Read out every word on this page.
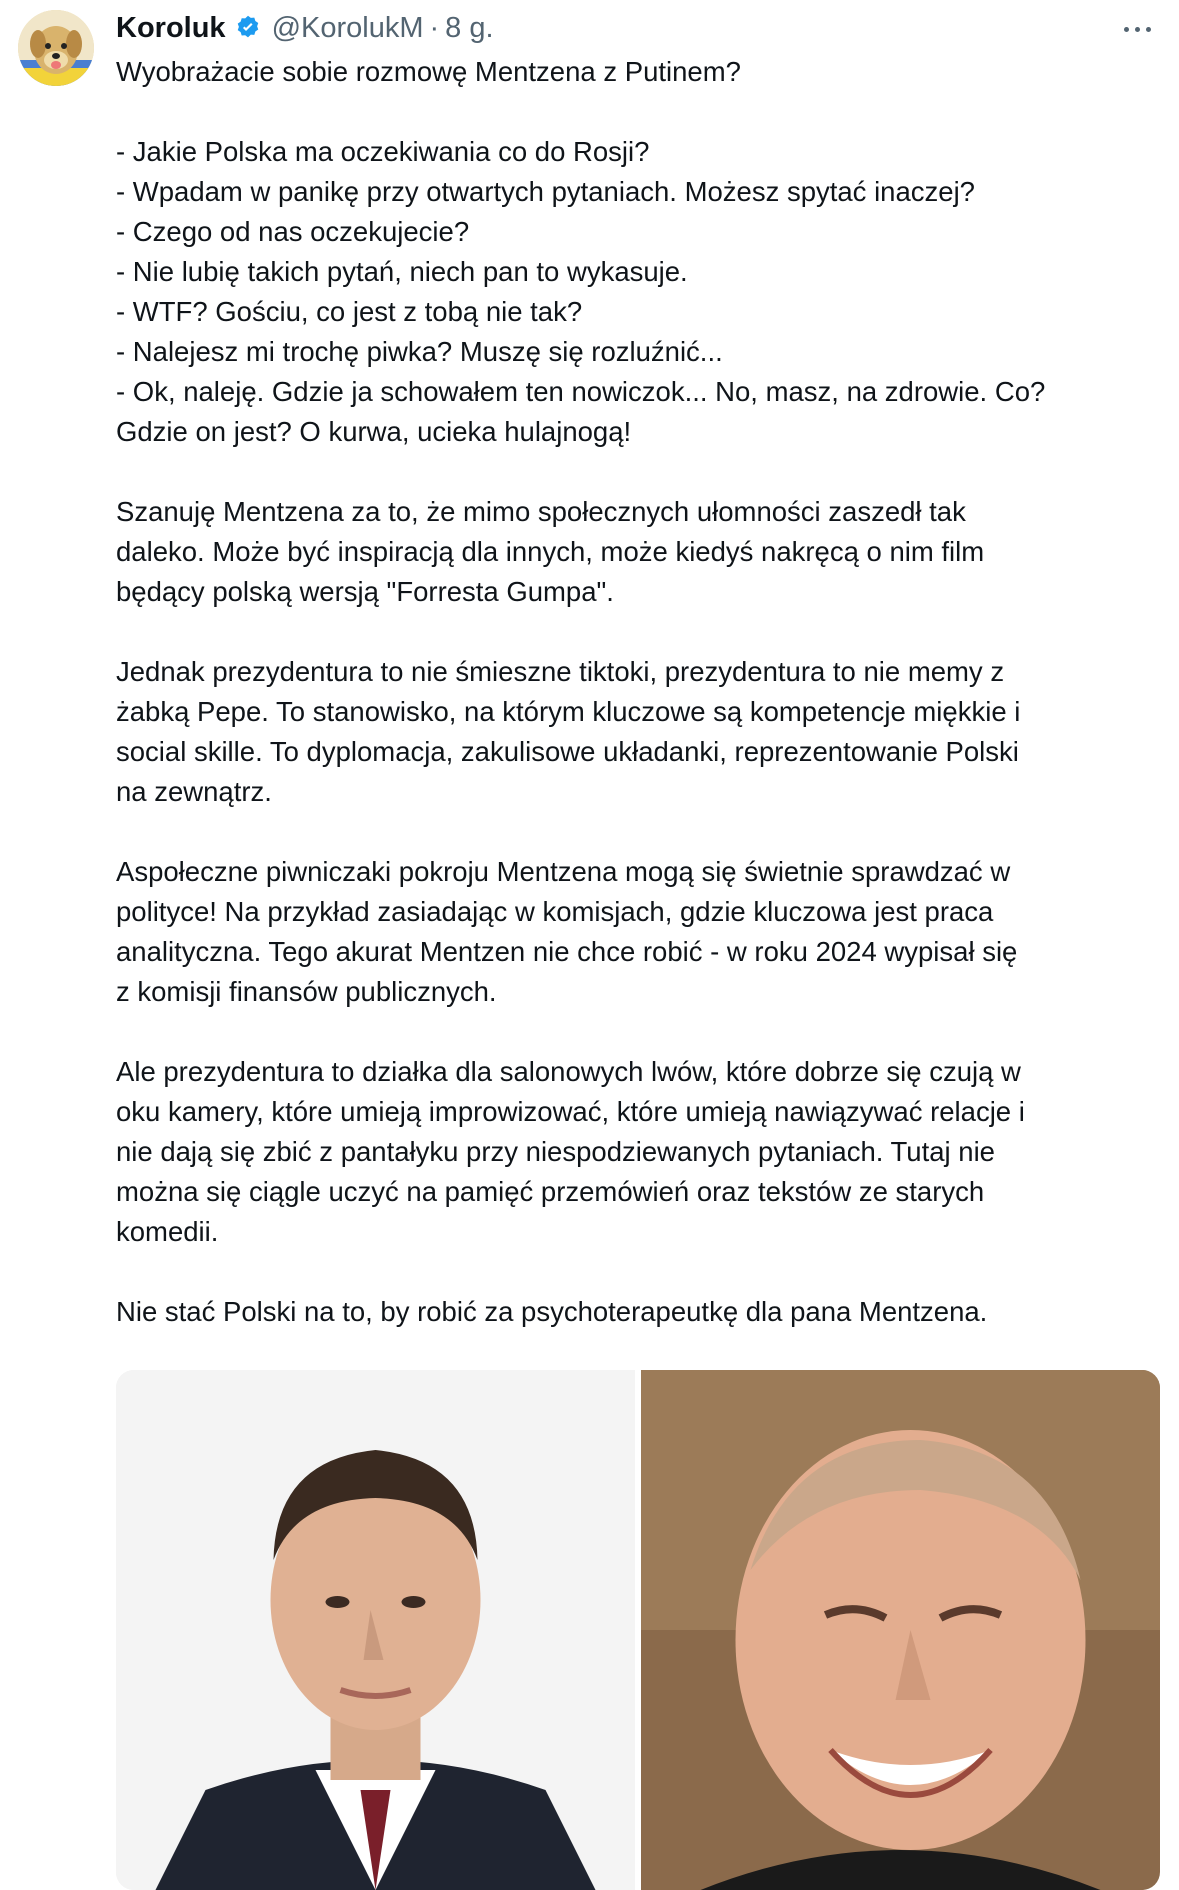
Koroluk @KorolukM · 8 g.

Wyobrażacie sobie rozmowę Mentzena z Putinem?

- Jakie Polska ma oczekiwania co do Rosji?

- Wpadam w panikę przy otwartych pytaniach. Możesz spytać inaczej?

- Czego od nas oczekujecie?

- Nie lubię takich pytań, niech pan to wykasuje.

- WTF? Gościu, co jest z tobą nie tak?

- Nalejesz mi trochę piwka? Muszę się rozluźnić...

- Ok, naleję. Gdzie ja schowałem ten nowiczok... No, masz, na zdrowie. Co?

Gdzie on jest? O kurwa, ucieka hulajnogą!

Szanuję Mentzena za to, że mimo społecznych ułomności zaszedł tak

daleko. Może być inspiracją dla innych, może kiedyś nakręcą o nim film

będący polską wersją "Forresta Gumpa".

Jednak prezydentura to nie śmieszne tiktoki, prezydentura to nie memy z

żabką Pepe. To stanowisko, na którym kluczowe są kompetencje miękkie i

social skille. To dyplomacja, zakulisowe układanki, reprezentowanie Polski

na zewnątrz.

Aspołeczne piwniczaki pokroju Mentzena mogą się świetnie sprawdzać w

polityce! Na przykład zasiadając w komisjach, gdzie kluczowa jest praca

analityczna. Tego akurat Mentzen nie chce robić - w roku 2024 wypisał się

z komisji finansów publicznych.

Ale prezydentura to działka dla salonowych lwów, które dobrze się czują w

oku kamery, które umieją improwizować, które umieją nawiązywać relacje i

nie dają się zbić z pantałyku przy niespodziewanych pytaniach. Tutaj nie

można się ciągle uczyć na pamięć przemówień oraz tekstów ze starych

komedii.

Nie stać Polski na to, by robić za psychoterapeutkę dla pana Mentzena.
